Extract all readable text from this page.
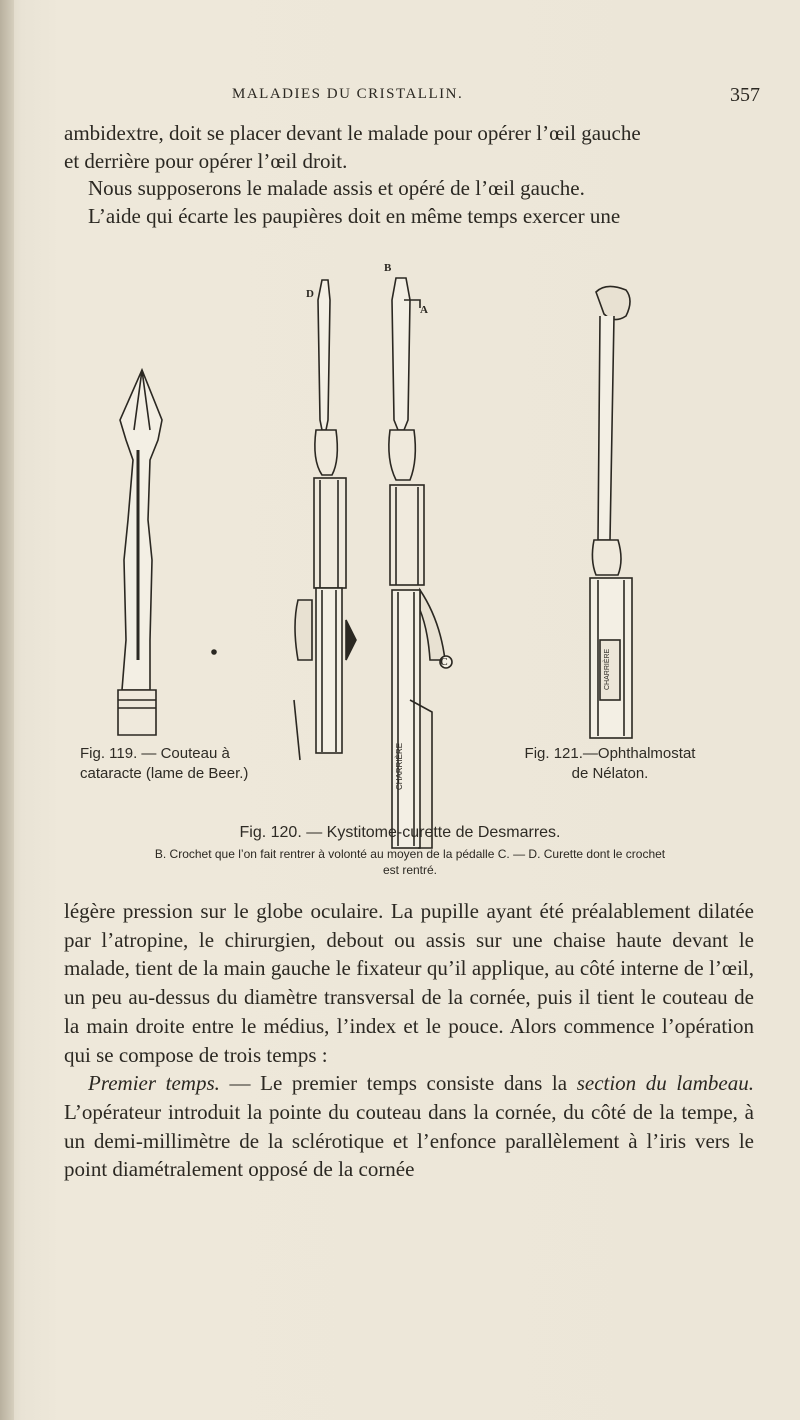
MALADIES DU CRISTALLIN.	357
ambidextre, doit se placer devant le malade pour opérer l’œil gauche
et derrière pour opérer l’œil droit.
Nous supposerons le malade assis et opéré de l’œil gauche.
L’aide qui écarte les paupières doit en même temps exercer une
B
A
D
C
CHARRIÈRE
CHARRIÈRE
Fig. 119. — Couteau à
cataracte (lame de Beer.)
Fig. 121.—Ophthalmostat
de Nélaton.
Fig. 120. — Kystitome-curette de Desmarres.
B. Crochet que l’on fait rentrer à volonté au moyen de la pédalle C. — D. Curette dont le crochet
est rentré.
légère pression sur le globe oculaire. La pupille ayant été préalablement dilatée par l’atropine, le chirurgien, debout ou assis sur une chaise haute devant le malade, tient de la main gauche le fixateur qu’il applique, au côté interne de l’œil, un peu au-dessus du diamètre transversal de la cornée, puis il tient le couteau de la main droite entre le médius, l’index et le pouce. Alors commence l’opération qui se compose de trois temps :
Premier temps. — Le premier temps consiste dans la section du lambeau. L’opérateur introduit la pointe du couteau dans la cornée, du côté de la tempe, à un demi-millimètre de la sclérotique et l’enfonce parallèlement à l’iris vers le point diamétralement opposé de la cornée
